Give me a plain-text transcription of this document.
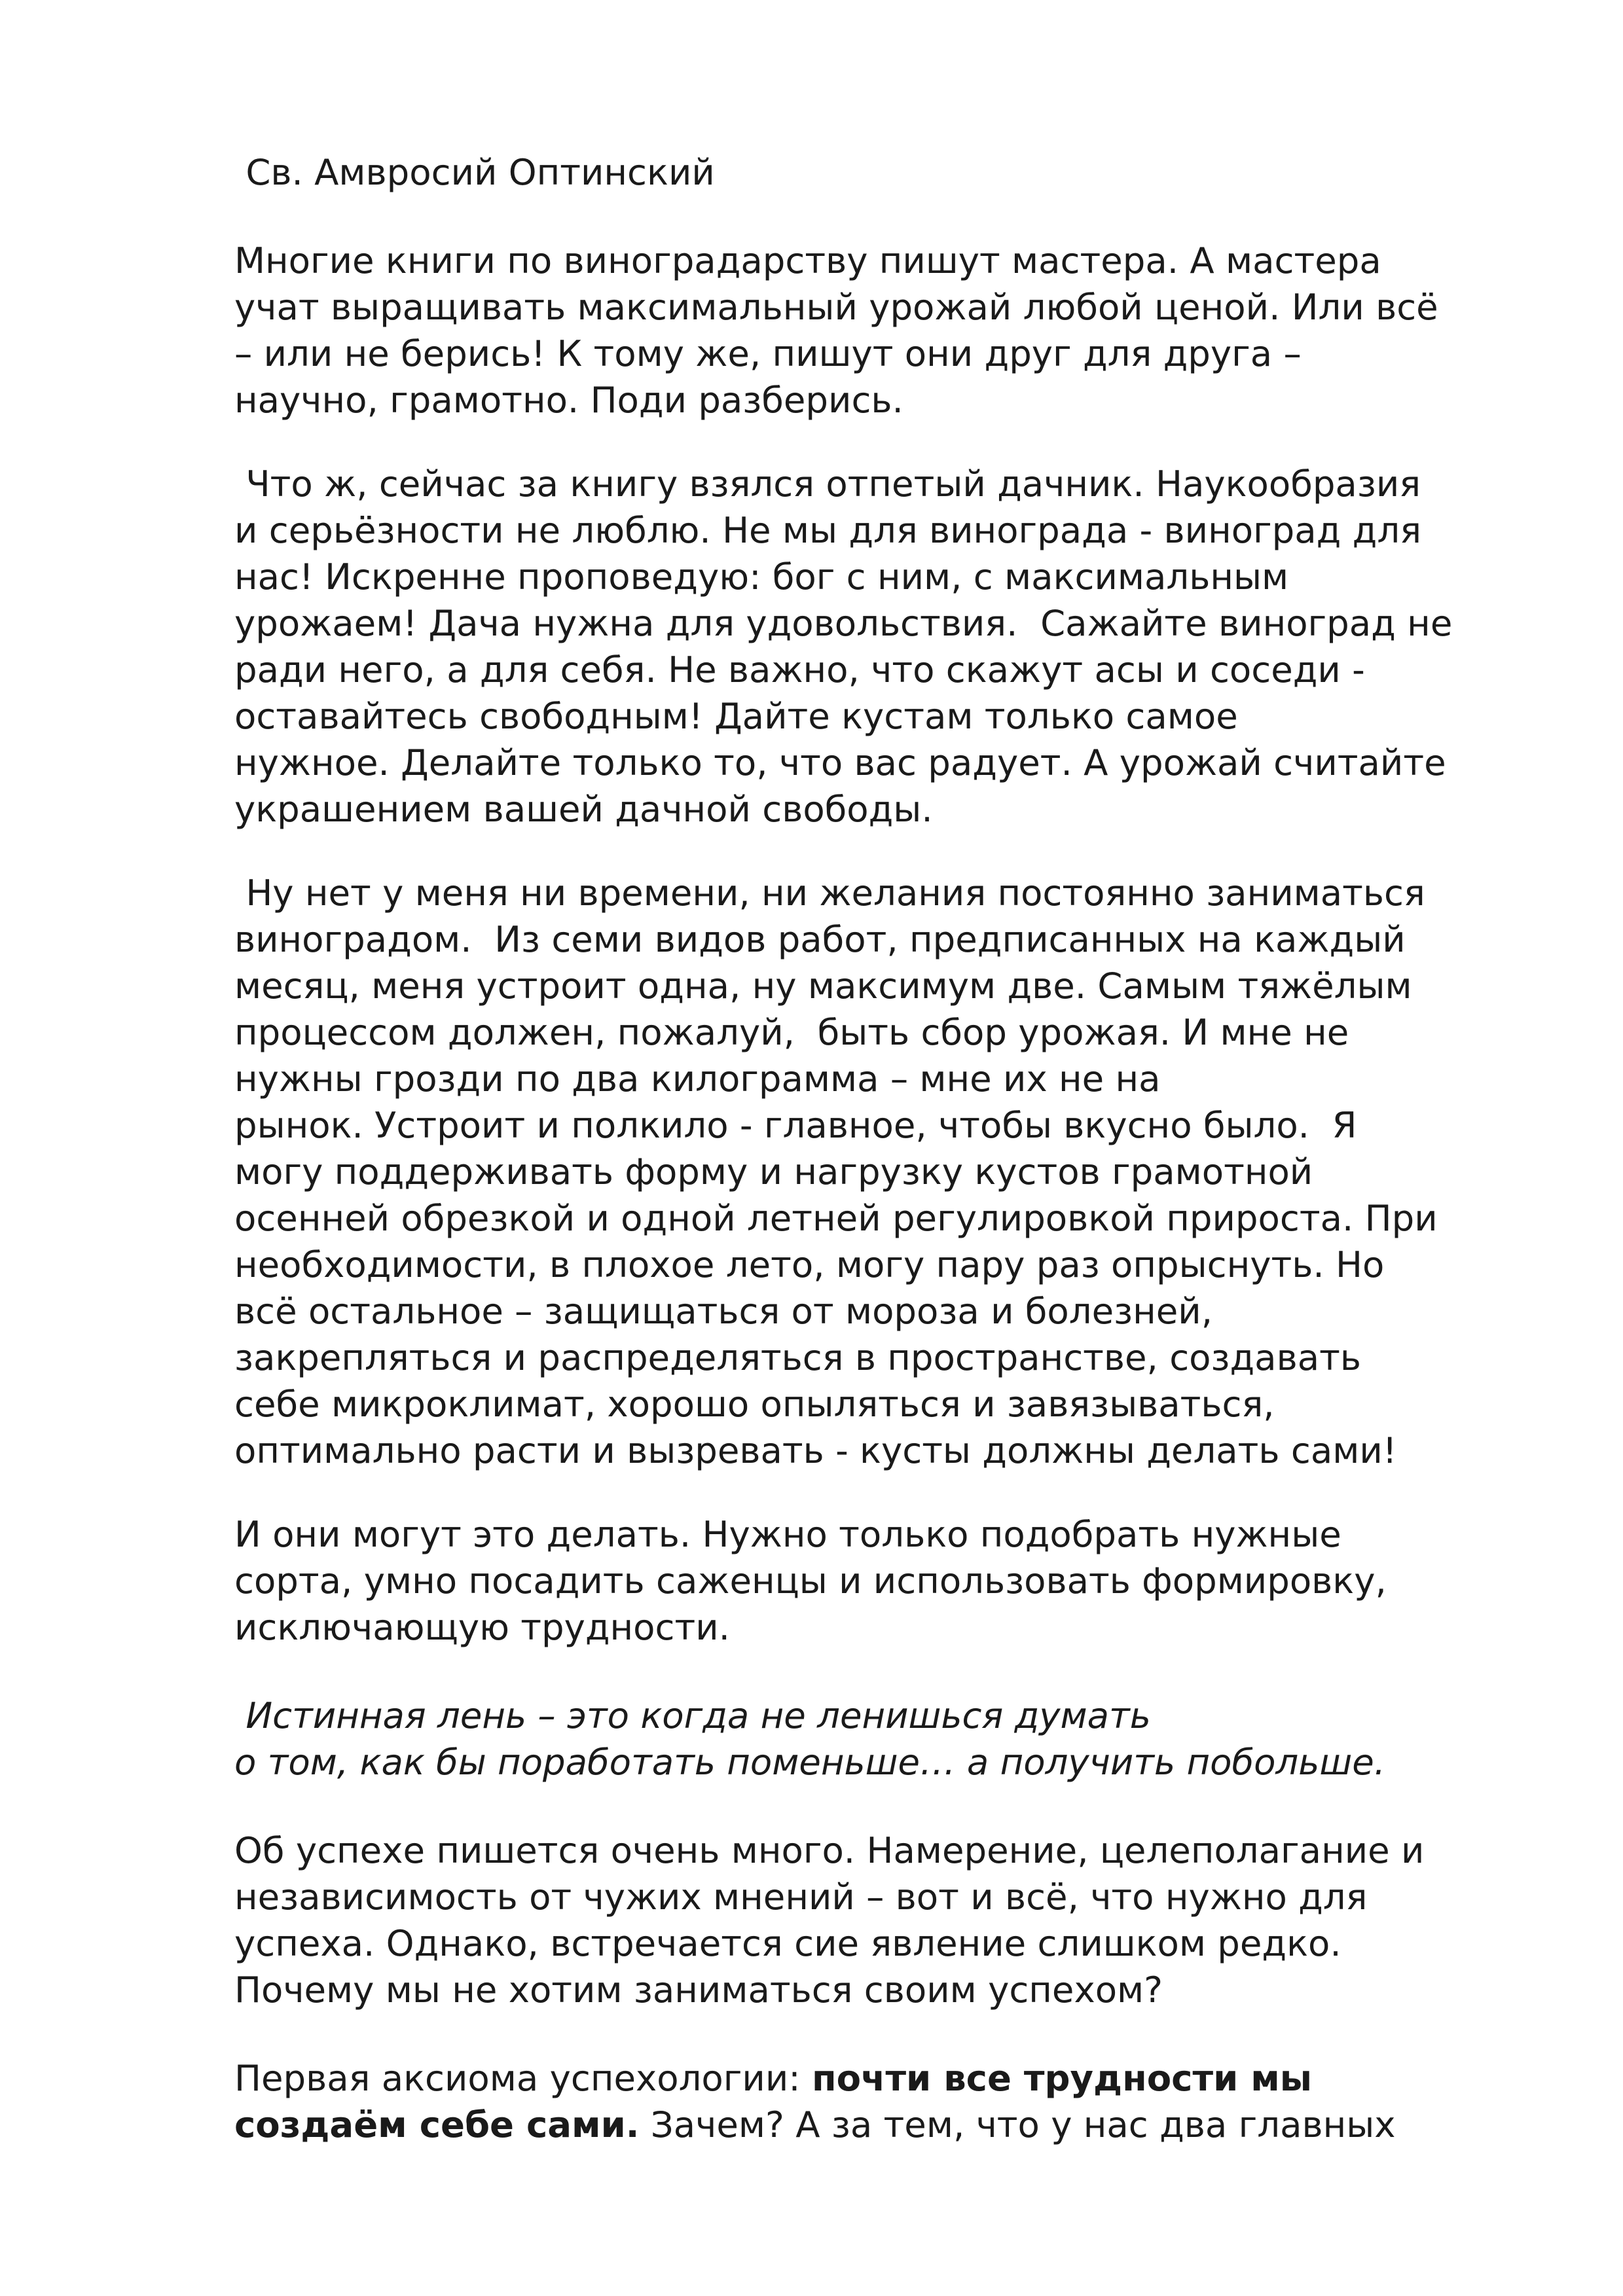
Св. Амвросий Оптинский
Многие книги по виноградарству пишут мастера. А мастера
учат выращивать максимальный урожай любой ценой. Или всё
– или не берись! К тому же, пишут они друг для друга –
научно, грамотно. Поди разберись.
Что ж, сейчас за книгу взялся отпетый дачник. Наукообразия
и серьёзности не люблю. Не мы для винограда - виноград для
нас! Искренне проповедую: бог с ним, с максимальным
урожаем! Дача нужна для удовольствия.  Сажайте виноград не
ради него, а для себя. Не важно, что скажут асы и соседи -
оставайтесь свободным! Дайте кустам только самое
нужное. Делайте только то, что вас радует. А урожай считайте
украшением вашей дачной свободы.
Ну нет у меня ни времени, ни желания постоянно заниматься
виноградом.  Из семи видов работ, предписанных на каждый
месяц, меня устроит одна, ну максимум две. Самым тяжёлым
процессом должен, пожалуй,  быть сбор урожая. И мне не
нужны грозди по два килограмма – мне их не на
рынок. Устроит и полкило - главное, чтобы вкусно было.  Я
могу поддерживать форму и нагрузку кустов грамотной
осенней обрезкой и одной летней регулировкой прироста. При
необходимости, в плохое лето, могу пару раз опрыснуть. Но
всё остальное – защищаться от мороза и болезней,
закрепляться и распределяться в пространстве, создавать
себе микроклимат, хорошо опыляться и завязываться,
оптимально расти и вызревать - кусты должны делать сами!
И они могут это делать. Нужно только подобрать нужные
сорта, умно посадить саженцы и использовать формировку,
исключающую трудности.
Истинная лень – это когда не ленишься думать
о том, как бы поработать поменьше… а получить побольше.
Об успехе пишется очень много. Намерение, целеполагание и
независимость от чужих мнений – вот и всё, что нужно для
успеха. Однако, встречается сие явление слишком редко.
Почему мы не хотим заниматься своим успехом?
Первая аксиома успехологии: почти все трудности мы
создаём себе сами. Зачем? А за тем, что у нас два главных
